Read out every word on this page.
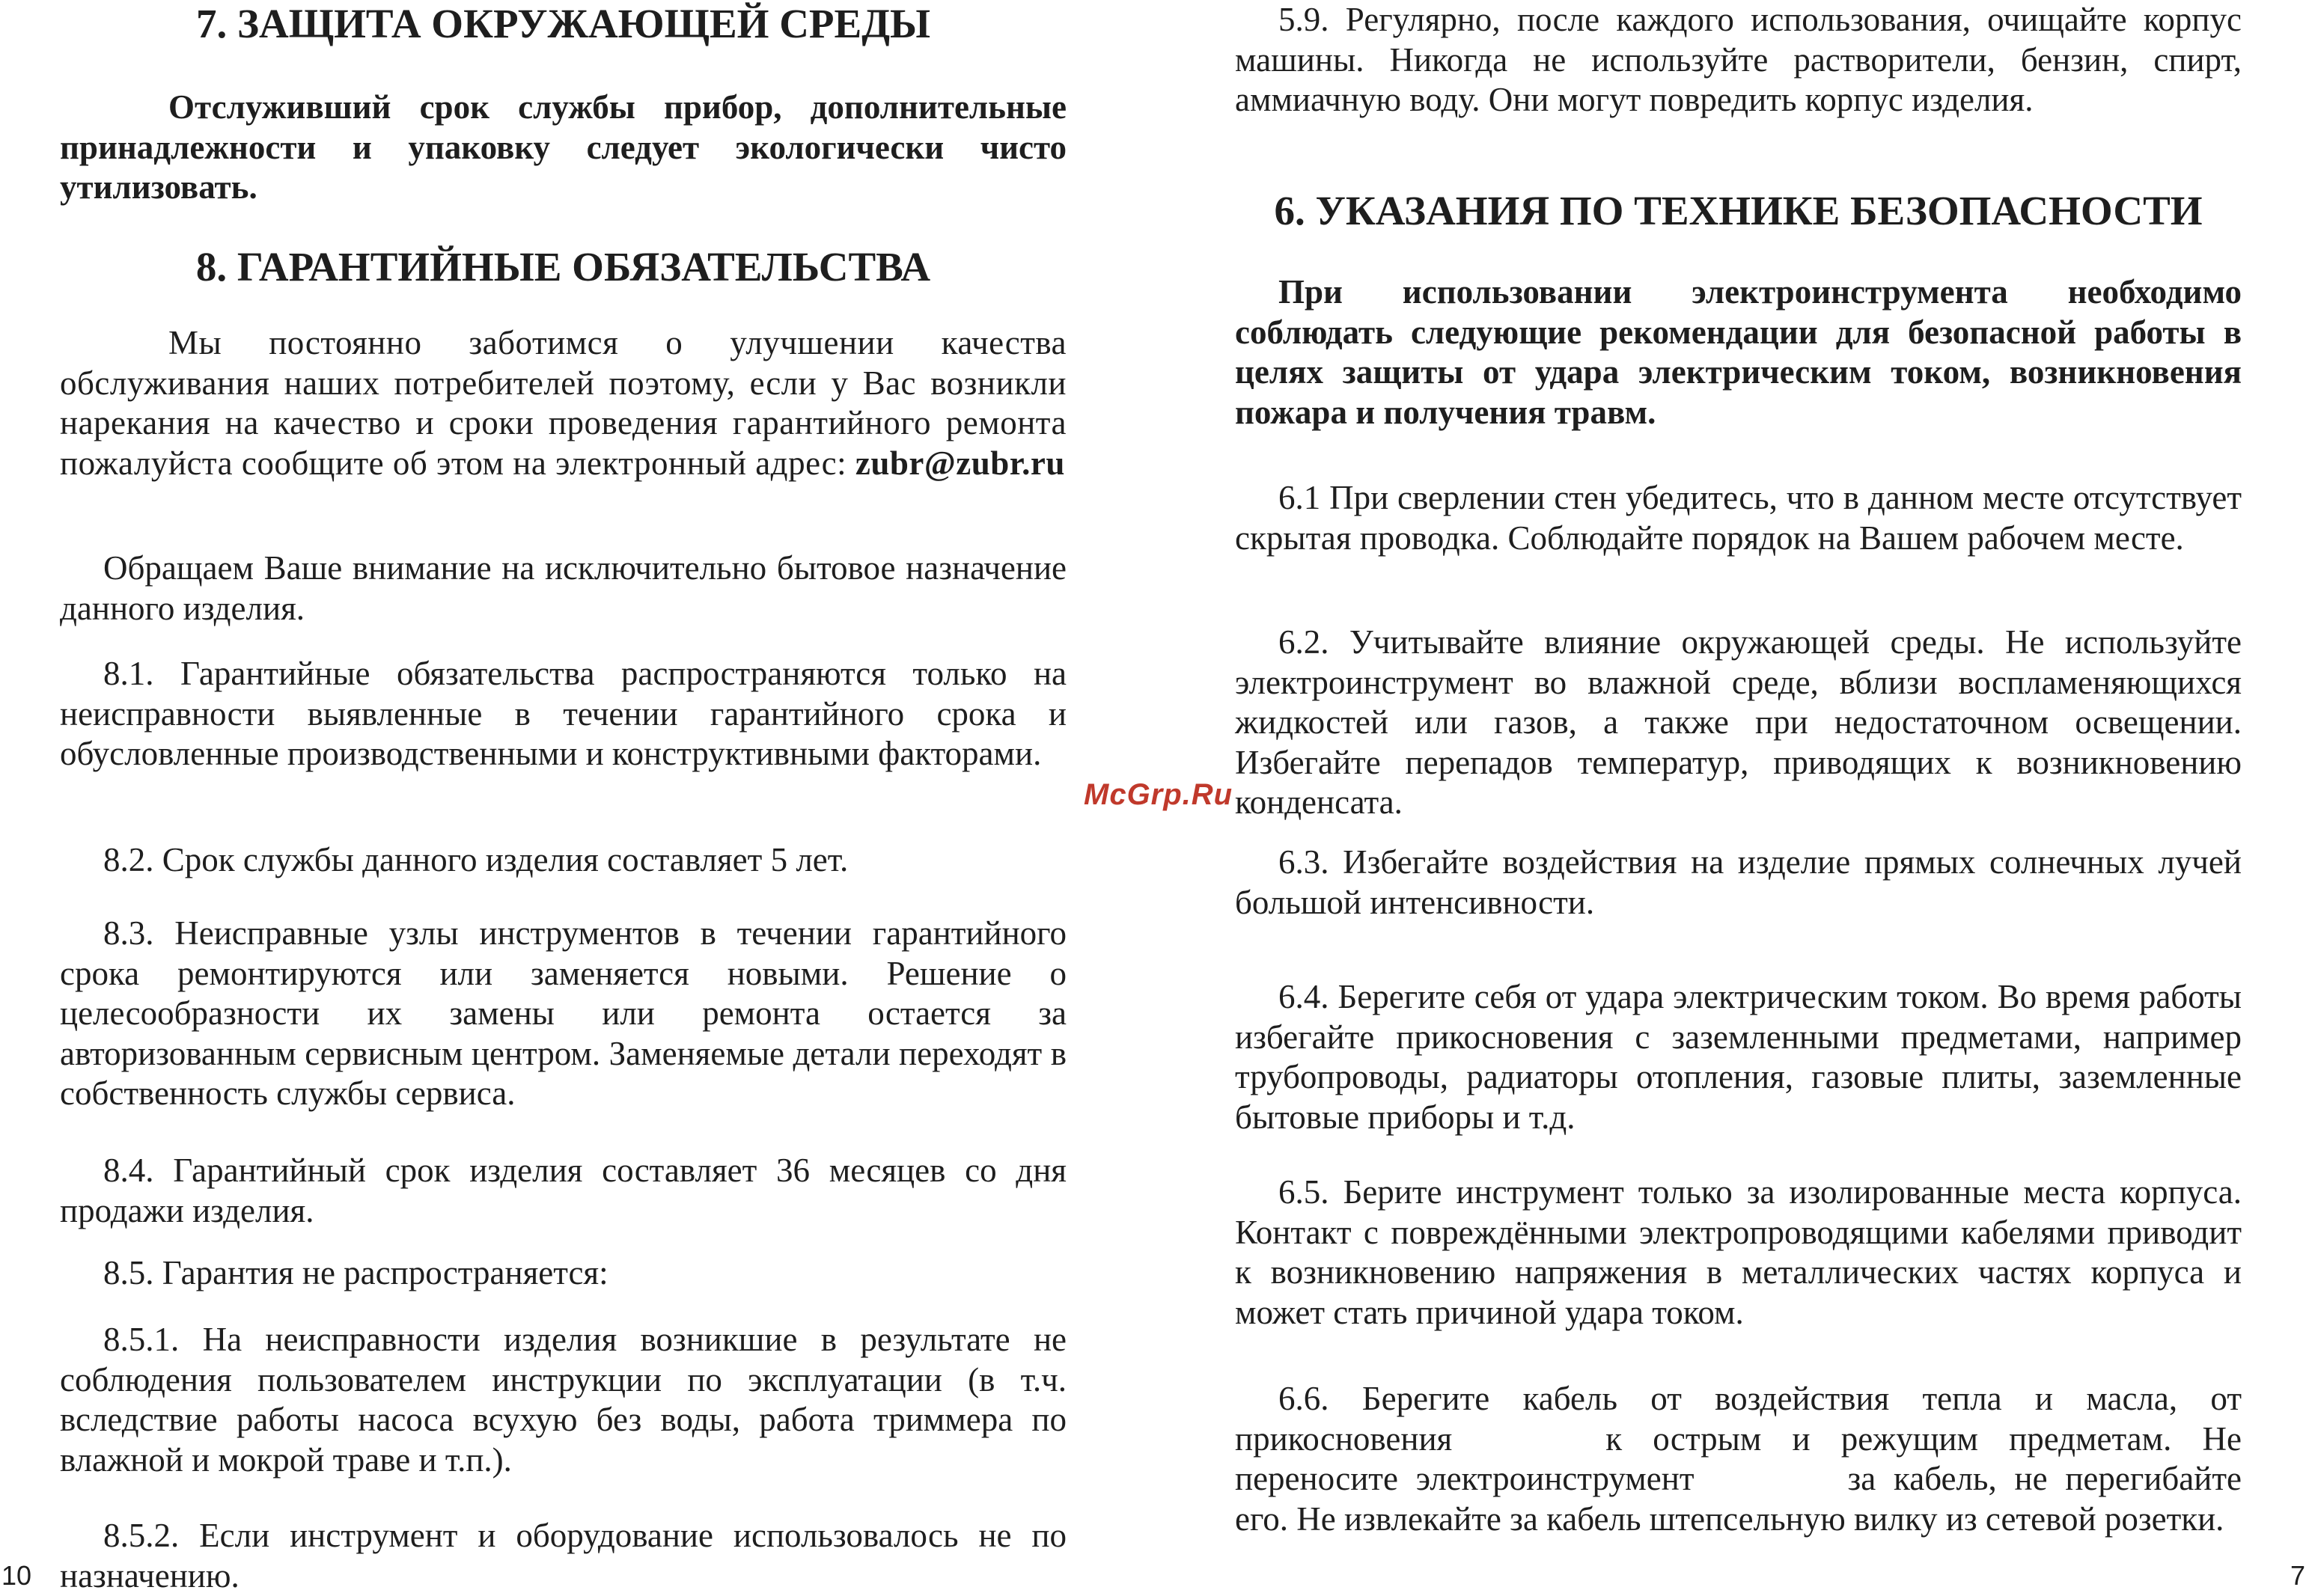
7. ЗАЩИТА ОКРУЖАЮЩЕЙ СРЕДЫ

Отслуживший срок службы прибор, дополнительные принадлежности и упаковку следует экологически чисто утилизовать.

8. ГАРАНТИЙНЫЕ ОБЯЗАТЕЛЬСТВА

Мы постоянно заботимся о улучшении качества обслуживания наших потребителей поэтому, если у Вас возникли нарекания на качество и сроки проведения гарантийного ремонта пожалуйста сообщите об этом на электронный адрес: zubr@zubr.ru

Обращаем Ваше внимание на исключительно бытовое назначение данного изделия.

8.1. Гарантийные обязательства распространяются только на неисправности выявленные в течении гарантийного срока и обусловленные производственными и конструктивными факторами.

8.2. Срок службы данного изделия составляет 5 лет.

8.3. Неисправные узлы инструментов в течении гарантийного срока ремонтируются или заменяется новыми. Решение о целесообразности их замены или ремонта остается за авторизованным сервисным центром. Заменяемые детали переходят в собственность службы сервиса.

8.4. Гарантийный срок изделия составляет 36 месяцев со дня продажи изделия.

8.5. Гарантия не распространяется:

8.5.1. На неисправности изделия возникшие в результате не соблюдения пользователем инструкции по эксплуатации (в т.ч. вследствие работы насоса всухую без воды, работа триммера по влажной и мокрой траве и т.п.).

8.5.2. Если инструмент и оборудование использовалось не по назначению.

10
McGrp.Ru

5.9. Регулярно, после каждого использования, очищайте корпус машины. Никогда не используйте растворители, бензин, спирт, аммиачную воду. Они могут повредить корпус изделия.

6. УКАЗАНИЯ ПО ТЕХНИКЕ БЕЗОПАСНОСТИ

При использовании электроинструмента необходимо соблюдать следующие рекомендации для безопасной работы в целях защиты от удара электрическим током, возникновения пожара и получения травм.

6.1 При сверлении стен убедитесь, что в данном месте отсутствует скрытая проводка. Соблюдайте порядок на Вашем рабочем месте.

6.2. Учитывайте влияние окружающей среды. Не используйте электроинструмент во влажной среде, вблизи воспламеняющихся жидкостей или газов, а также при недостаточном освещении. Избегайте перепадов температур, приводящих к возникновению конденсата.

6.3. Избегайте воздействия на изделие прямых солнечных лучей большой интенсивности.

6.4. Берегите себя от удара электрическим током. Во время работы избегайте прикосновения с заземленными предметами, например трубопроводы, радиаторы отопления, газовые плиты, заземленные бытовые приборы и т.д.

6.5. Берите инструмент только за изолированные места корпуса. Контакт с повреждёнными электропроводящими кабелями приводит к возникновению напряжения в металлических частях корпуса и может стать причиной удара током.

6.6. Берегите кабель от воздействия тепла и масла, от прикосновения	к острым и режущим предметам. Не переносите электроинструмент	за кабель, не перегибайте его. Не извлекайте за кабель штепсельную вилку из сетевой розетки.

7
